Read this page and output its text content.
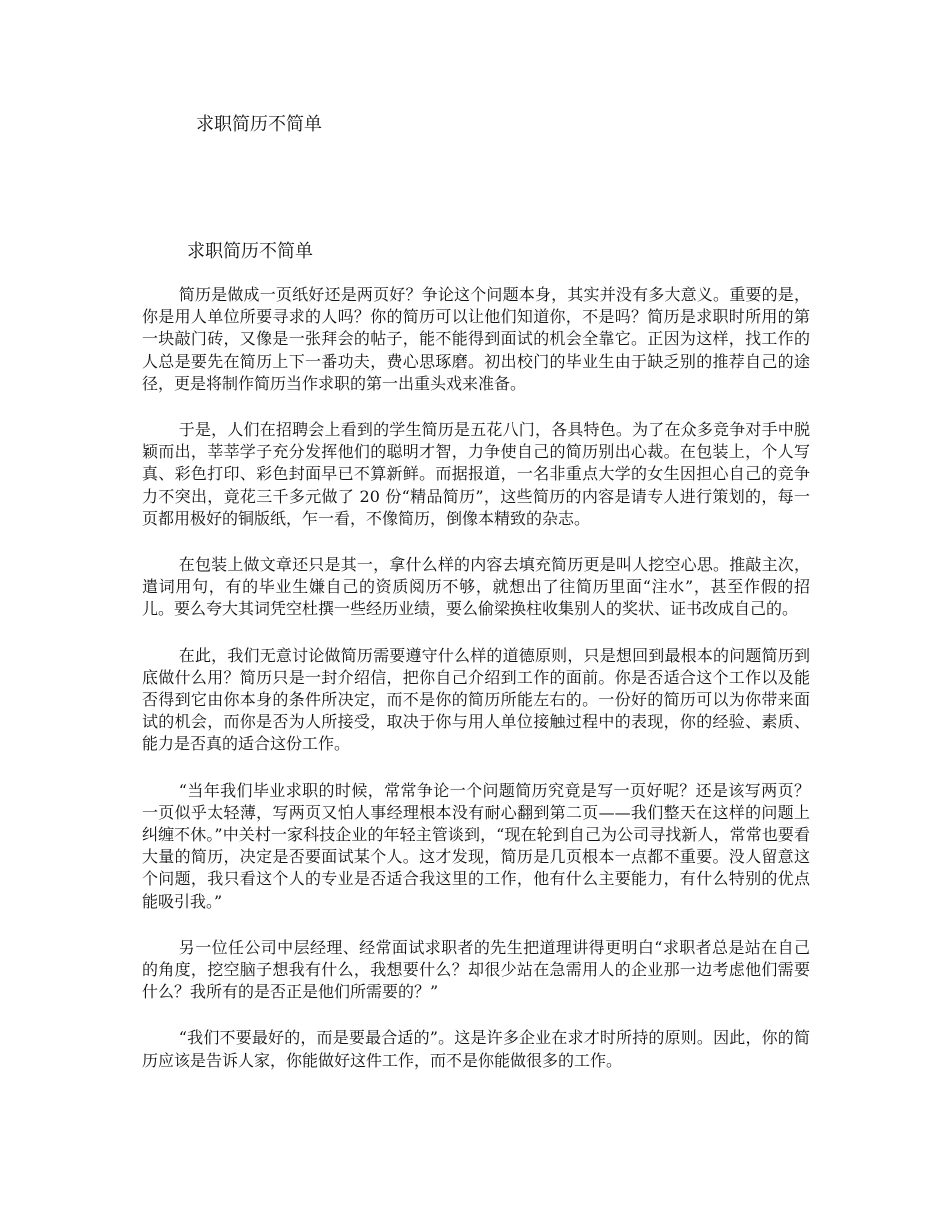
求职简历不简单
求职简历不简单

简历是做成一页纸好还是两页好？争论这个问题本身，其实并没有多大意义。重要的是，你是用人单位所要寻求的人吗？你的简历可以让他们知道你，不是吗？简历是求职时所用的第一块敲门砖，又像是一张拜会的帖子，能不能得到面试的机会全靠它。正因为这样，找工作的人总是要先在简历上下一番功夫，费心思琢磨。初出校门的毕业生由于缺乏别的推荐自己的途径，更是将制作简历当作求职的第一出重头戏来准备。

于是，人们在招聘会上看到的学生简历是五花八门，各具特色。为了在众多竞争对手中脱颖而出，莘莘学子充分发挥他们的聪明才智，力争使自己的简历别出心裁。在包装上，个人写真、彩色打印、彩色封面早已不算新鲜。而据报道，一名非重点大学的女生因担心自己的竞争力不突出，竟花三千多元做了 20 份“精品简历”，这些简历的内容是请专人进行策划的，每一页都用极好的铜版纸，乍一看，不像简历，倒像本精致的杂志。

在包装上做文章还只是其一，拿什么样的内容去填充简历更是叫人挖空心思。推敲主次，遣词用句，有的毕业生嫌自己的资质阅历不够，就想出了往简历里面“注水”，甚至作假的招儿。要么夸大其词凭空杜撰一些经历业绩，要么偷梁换柱收集别人的奖状、证书改成自己的。

在此，我们无意讨论做简历需要遵守什么样的道德原则，只是想回到最根本的问题简历到底做什么用？简历只是一封介绍信，把你自己介绍到工作的面前。你是否适合这个工作以及能否得到它由你本身的条件所决定，而不是你的简历所能左右的。一份好的简历可以为你带来面试的机会，而你是否为人所接受，取决于你与用人单位接触过程中的表现，你的经验、素质、能力是否真的适合这份工作。

“当年我们毕业求职的时候，常常争论一个问题简历究竟是写一页好呢？还是该写两页？一页似乎太轻薄，写两页又怕人事经理根本没有耐心翻到第二页——我们整天在这样的问题上纠缠不休。”中关村一家科技企业的年轻主管谈到，“现在轮到自己为公司寻找新人，常常也要看大量的简历，决定是否要面试某个人。这才发现，简历是几页根本一点都不重要。没人留意这个问题，我只看这个人的专业是否适合我这里的工作，他有什么主要能力，有什么特别的优点能吸引我。”

另一位任公司中层经理、经常面试求职者的先生把道理讲得更明白“求职者总是站在自己的角度，挖空脑子想我有什么，我想要什么？却很少站在急需用人的企业那一边考虑他们需要什么？我所有的是否正是他们所需要的？”

“我们不要最好的，而是要最合适的”。这是许多企业在求才时所持的原则。因此，你的简历应该是告诉人家，你能做好这件工作，而不是你能做很多的工作。
